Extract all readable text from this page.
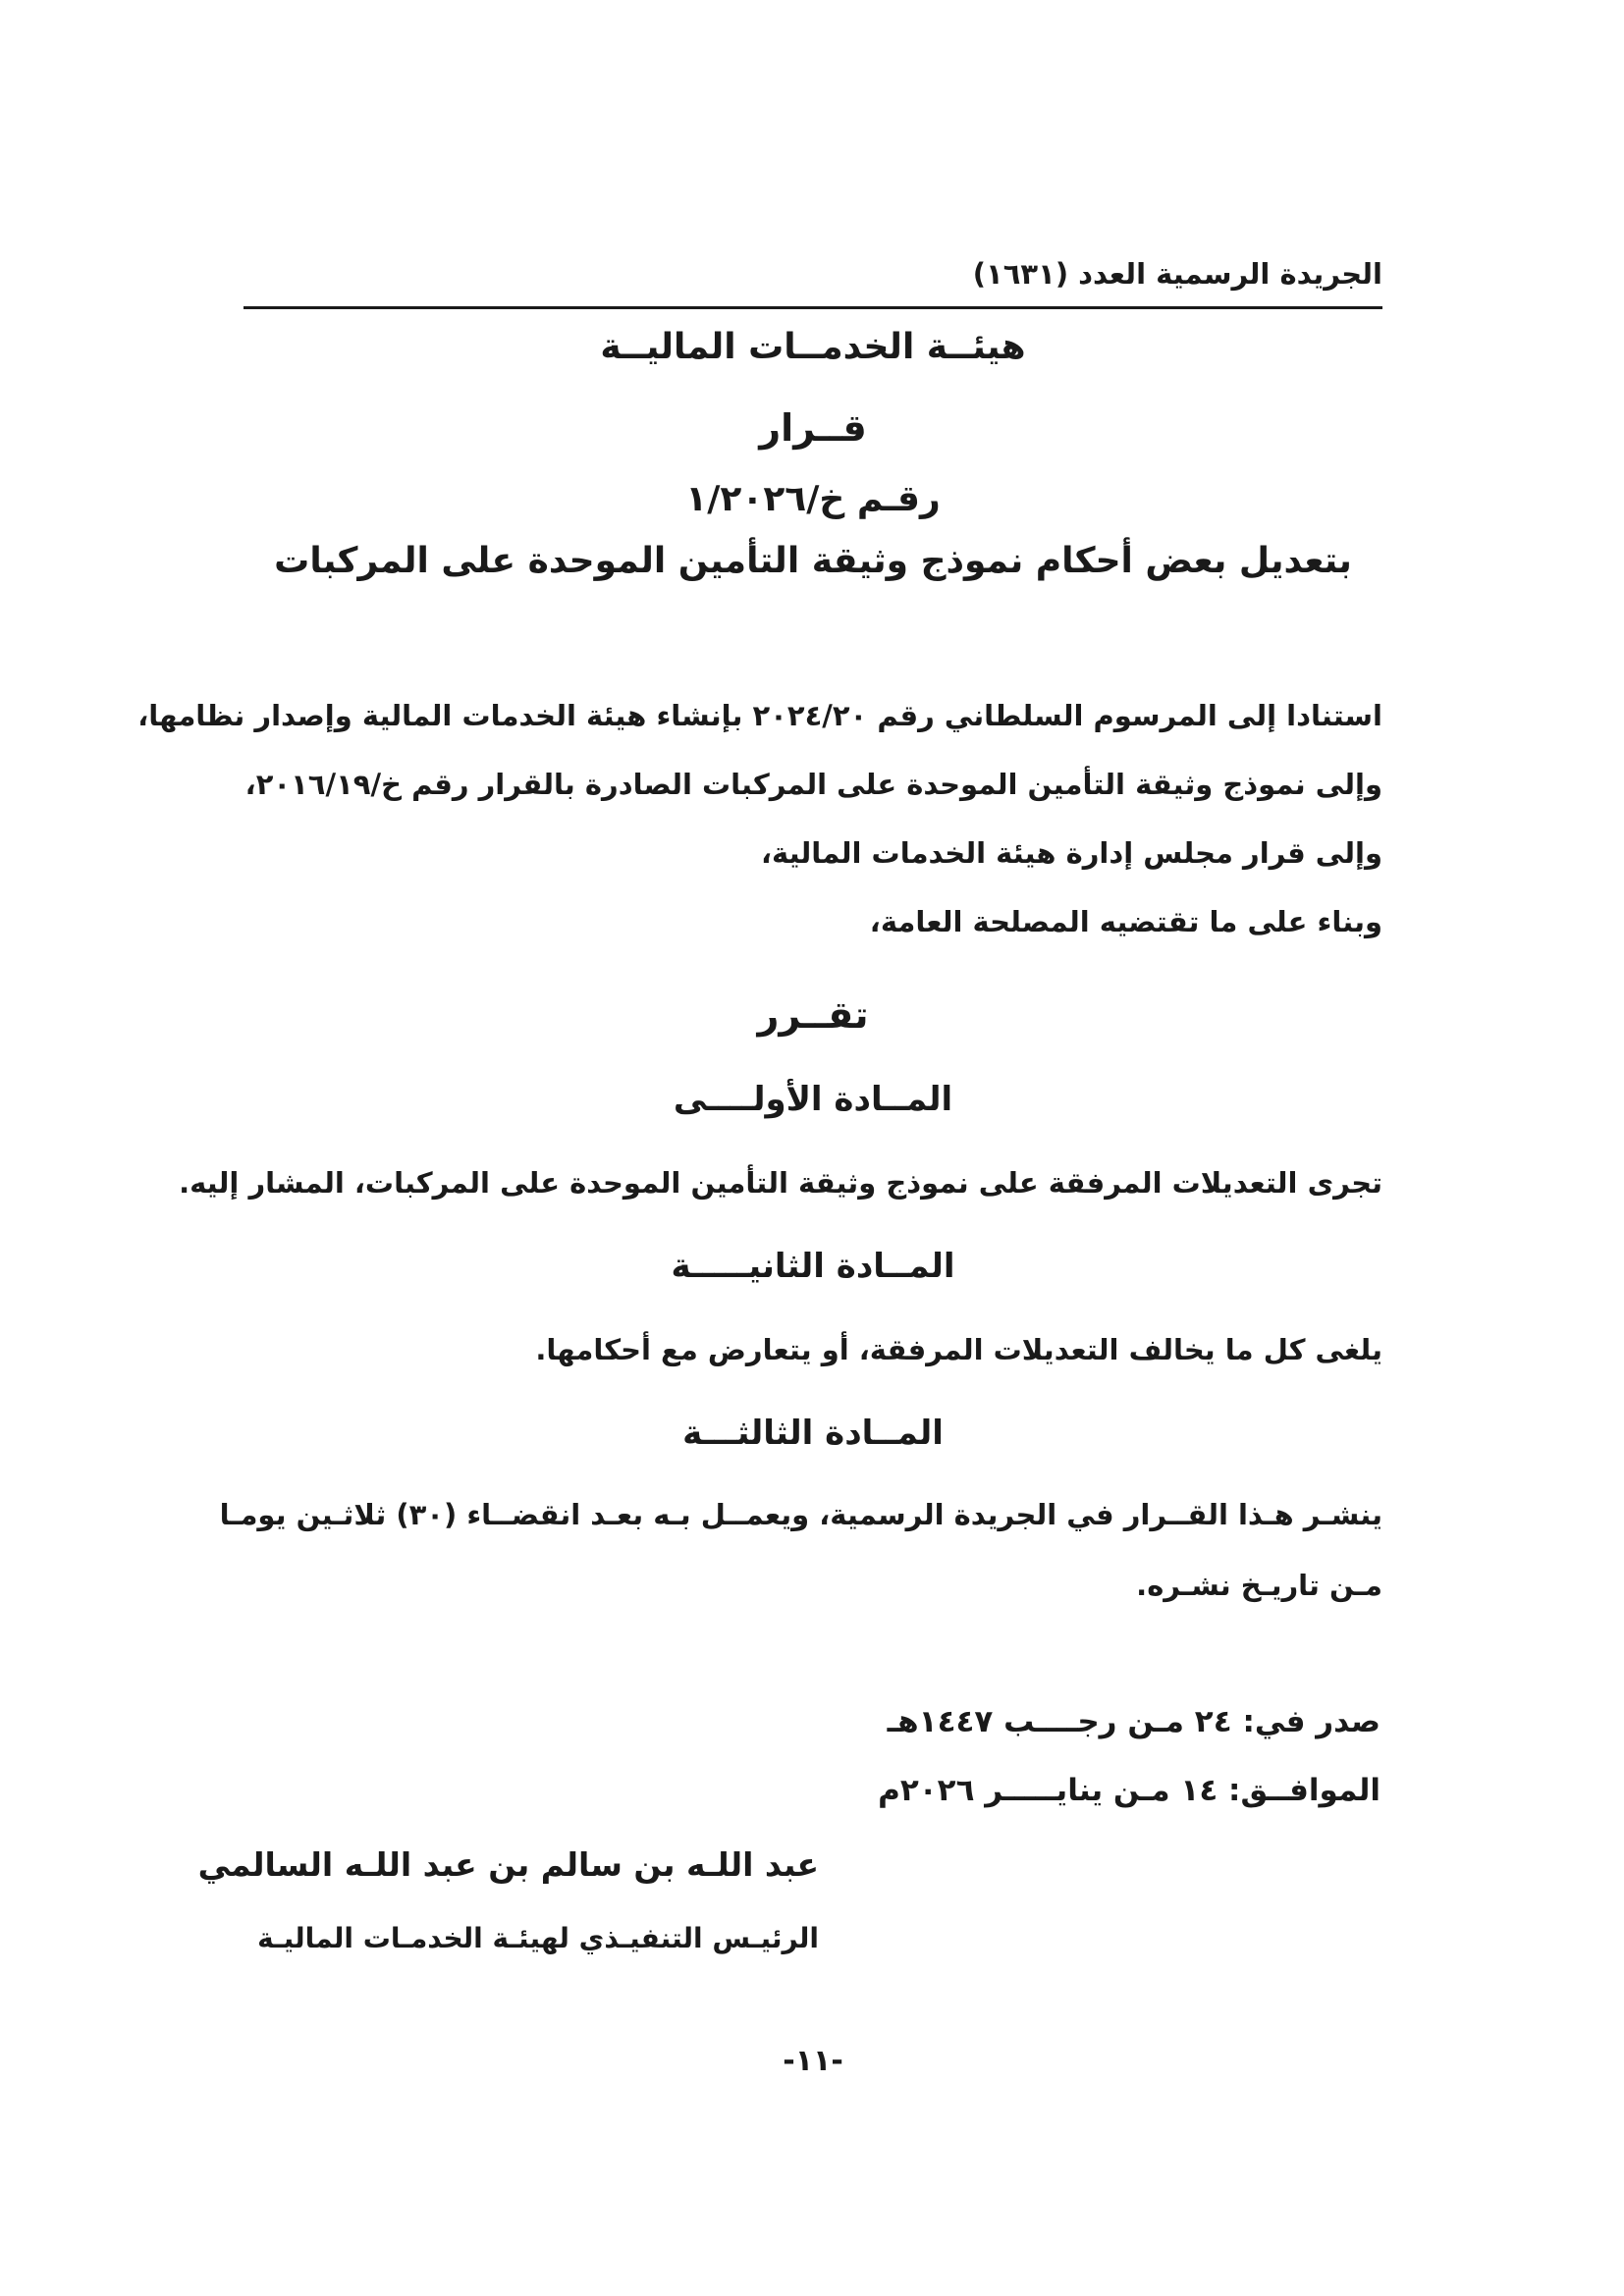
الجريدة الرسمية العدد (١٦٣١)
هيئــة الخدمــات الماليــة
قــرار
رقـم خ/١/٢٠٢٦
بتعديل بعض أحكام نموذج وثيقة التأمين الموحدة على المركبات
استنادا إلى المرسوم السلطاني رقم ٢٠٢٤/٢٠ بإنشاء هيئة الخدمات المالية وإصدار نظامها،
وإلى نموذج وثيقة التأمين الموحدة على المركبات الصادرة بالقرار رقم خ/٢٠١٦/١٩،
وإلى قرار مجلس إدارة هيئة الخدمات المالية،
وبناء على ما تقتضيه المصلحة العامة،
تقــرر
المــادة الأولــــى
تجرى التعديلات المرفقة على نموذج وثيقة التأمين الموحدة على المركبات، المشار إليه.
المــادة الثانيـــــة
يلغى كل ما يخالف التعديلات المرفقة، أو يتعارض مع أحكامها.
المــادة الثالثـــة
ينشـر هـذا القــرار في الجريدة الرسمية، ويعمــل بـه بعـد انقضــاء (٣٠) ثلاثـين يومـا
مـن تاريـخ نشـره.
صدر في: ٢٤ مـن رجــــب ١٤٤٧هـ
الموافــق: ١٤ مـن ينايـــــر ٢٠٢٦م
عبد اللـه بن سالم بن عبد اللـه السالمي
الرئيـس التنفيـذي لهيئـة الخدمـات الماليـة
-١١-
